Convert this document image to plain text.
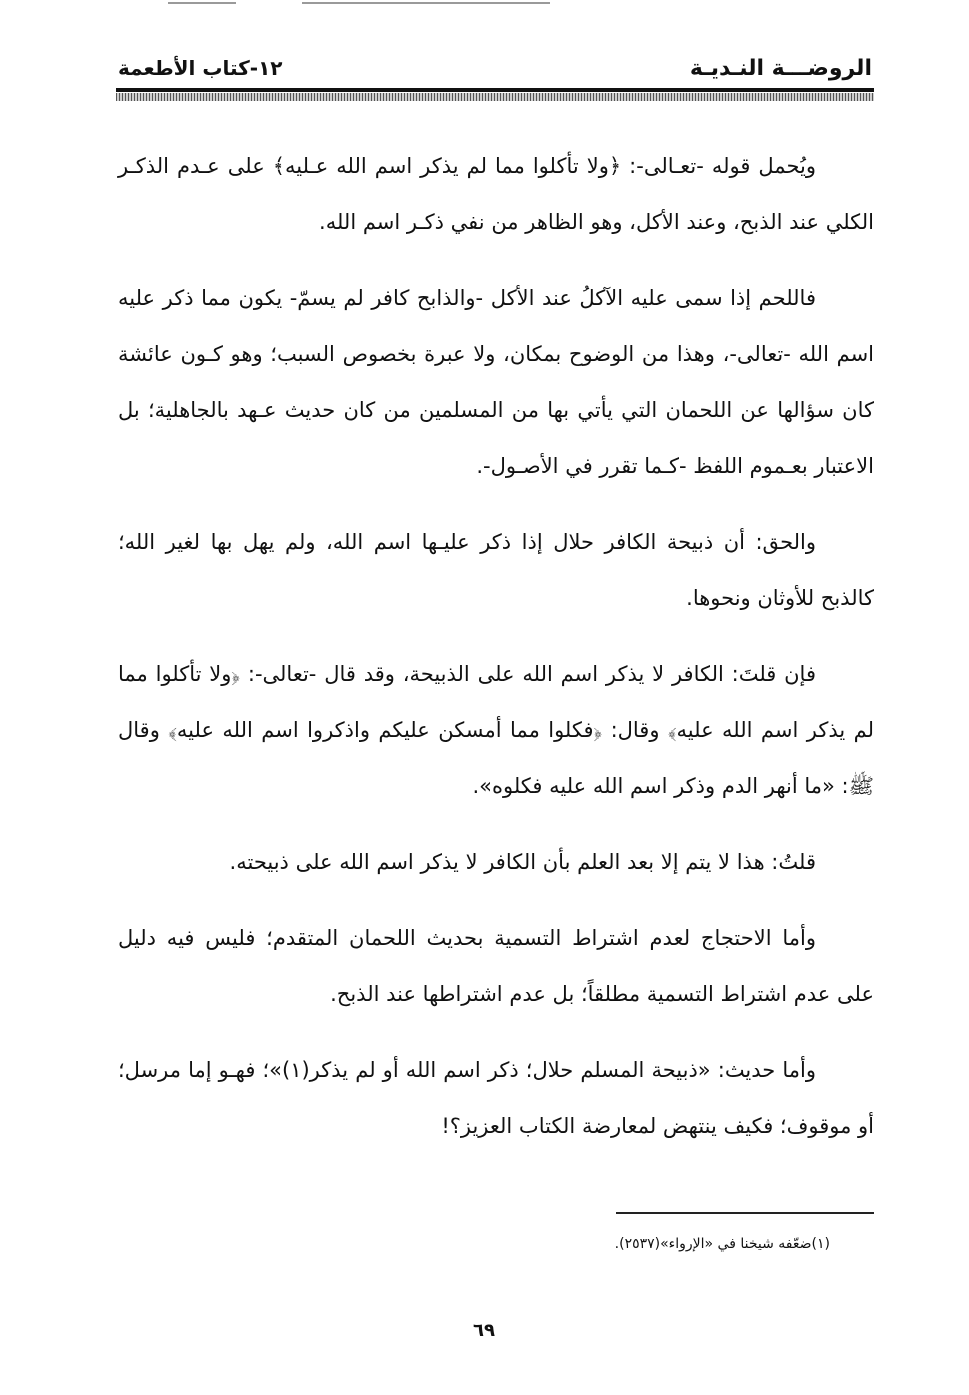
الروضـــة النـديـة
١٢-كتاب الأطعمة

ويُحمل قوله -تعـالى-: ﴿ولا تأكلوا مما لم يذكر اسم الله عـليه﴾ على عـدم الذكـر الكلي عند الذبح، وعند الأكل، وهو الظاهر من نفي ذكـر اسم الله.

فاللحم إذا سمى عليه الآكلُ عند الأكل -والذابح كافر لم يسمّ- يكون مما ذكر عليه اسم الله -تعالى-، وهذا من الوضوح بمكان، ولا عبرة بخصوص السبب؛ وهو كـون عائشة كان سؤالها عن اللحمان التي يأتي بها من المسلمين من كان حديث عـهد بالجاهلية؛ بل الاعتبار بعـموم اللفظ -كـما تقرر في الأصـول-.

والحق: أن ذبيحة الكافر حلال إذا ذكر عليـها اسم الله، ولم يهل بها لغير الله؛ كالذبح للأوثان ونحوها.

فإن قلتَ: الكافر لا يذكر اسم الله على الذبيحة، وقد قال -تعالى-: ﴿ولا تأكلوا مما لم يذكر اسم الله عليه﴾ وقال: ﴿فكلوا مما أمسكن عليكم واذكروا اسم الله عليه﴾ وقال ﷺ: «ما أنهر الدم وذكر اسم الله عليه فكلوه».

قلتُ: هذا لا يتم إلا بعد العلم بأن الكافر لا يذكر اسم الله على ذبيحته.

وأما الاحتجاج لعدم اشتراط التسمية بحديث اللحمان المتقدم؛ فليس فيه دليل على عدم اشتراط التسمية مطلقاً؛ بل عدم اشتراطها عند الذبح.

وأما حديث: «ذبيحة المسلم حلال؛ ذكر اسم الله أو لم يذكر(١)»؛ فهـو إما مرسل؛ أو موقوف؛ فكيف ينتهض لمعارضة الكتاب العزيز؟!

(١)ضعّفه شيخنا في «الإرواء»(٢٥٣٧).
٦٩
